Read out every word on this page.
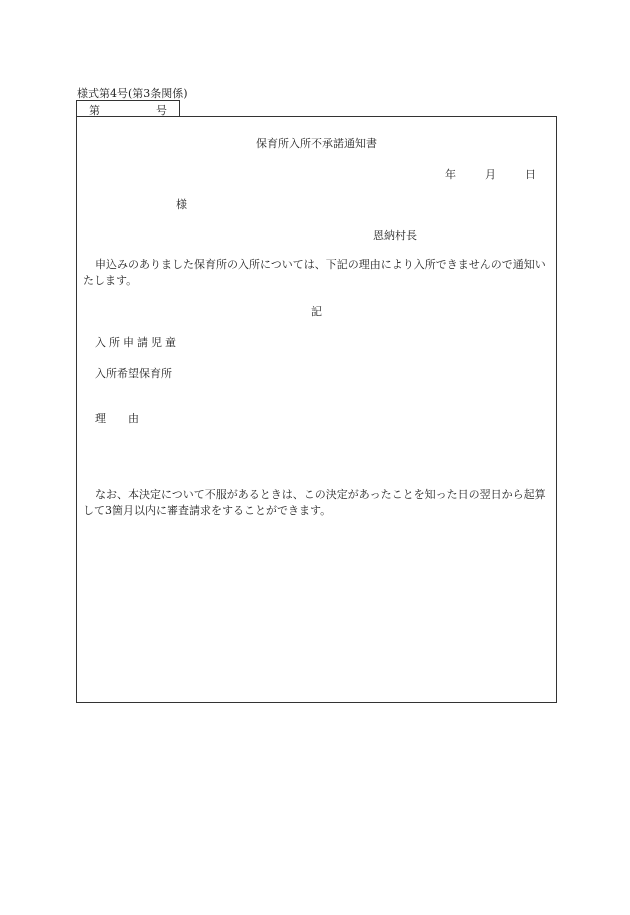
様式第4号(第3条関係)
第	号
保育所入所不承諾通知書
年	月	日
様
恩納村長
申込みのありました保育所の入所については、下記の理由により入所できませんので通知いたします。
記
入所申請児童
入所希望保育所
理　　由
なお、本決定について不服があるときは、この決定があったことを知った日の翌日から起算して3箇月以内に審査請求をすることができます。
